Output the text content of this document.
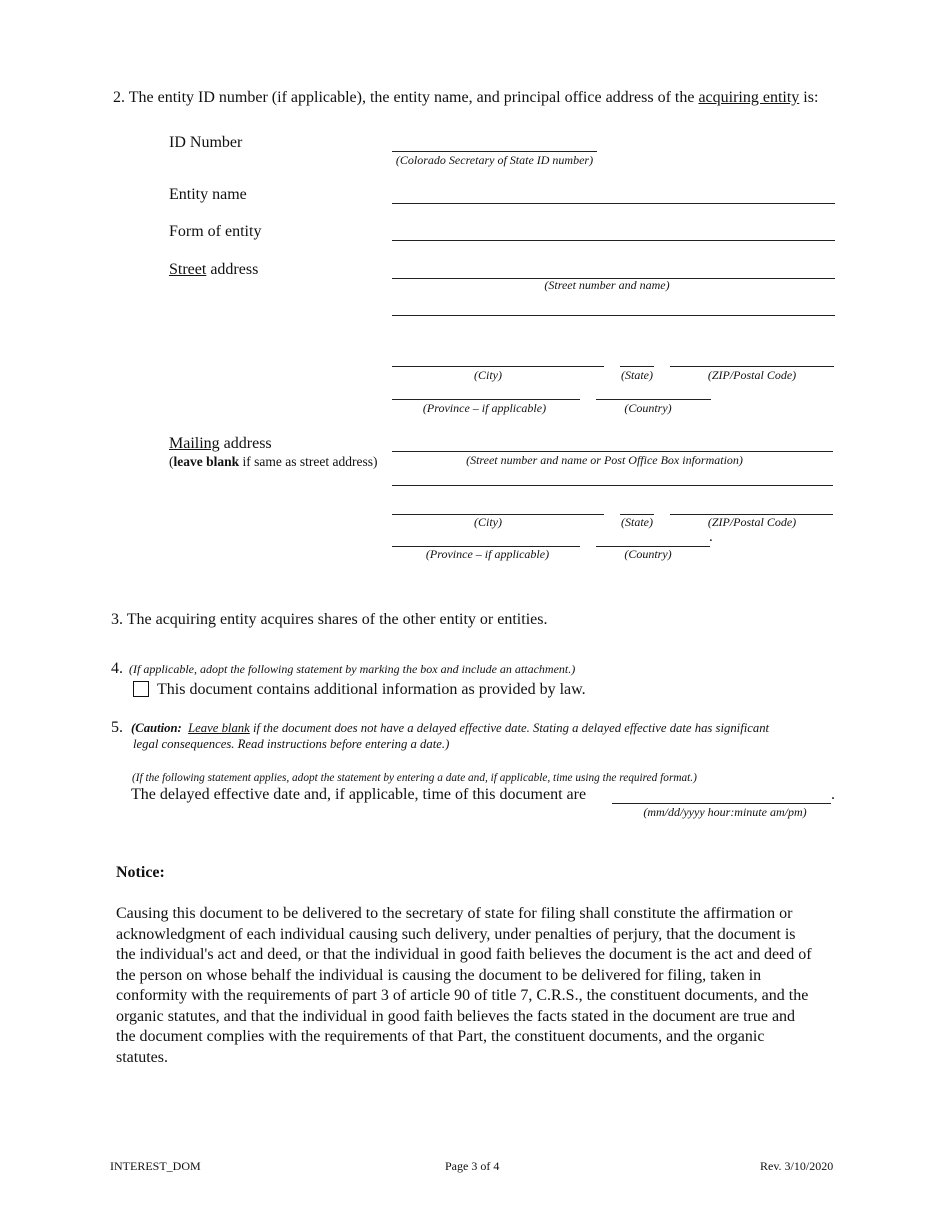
2. The entity ID number (if applicable), the entity name, and principal office address of the acquiring entity is:
ID Number
(Colorado Secretary of State ID number)
Entity name
Form of entity
Street address
(Street number and name)
(City)	(State)	(ZIP/Postal Code)
(Province – if applicable)	(Country)
Mailing address
(leave blank if same as street address)	(Street number and name or Post Office Box information)
(City)	(State)	(ZIP/Postal Code)
.
(Province – if applicable)	(Country)
3. The acquiring entity acquires shares of the other entity or entities.
4. (If applicable, adopt the following statement by marking the box and include an attachment.)
This document contains additional information as provided by law.
5. (Caution: Leave blank if the document does not have a delayed effective date. Stating a delayed effective date has significant
legal consequences. Read instructions before entering a date.)
(If the following statement applies, adopt the statement by entering a date and, if applicable, time using the required format.)
The delayed effective date and, if applicable, time of this document are	.
(mm/dd/yyyy hour:minute am/pm)
Notice:
Causing this document to be delivered to the secretary of state for filing shall constitute the affirmation or acknowledgment of each individual causing such delivery, under penalties of perjury, that the document is the individual's act and deed, or that the individual in good faith believes the document is the act and deed of the person on whose behalf the individual is causing the document to be delivered for filing, taken in conformity with the requirements of part 3 of article 90 of title 7, C.R.S., the constituent documents, and the organic statutes, and that the individual in good faith believes the facts stated in the document are true and the document complies with the requirements of that Part, the constituent documents, and the organic statutes.
INTEREST_DOM	Page 3 of 4	Rev. 3/10/2020
